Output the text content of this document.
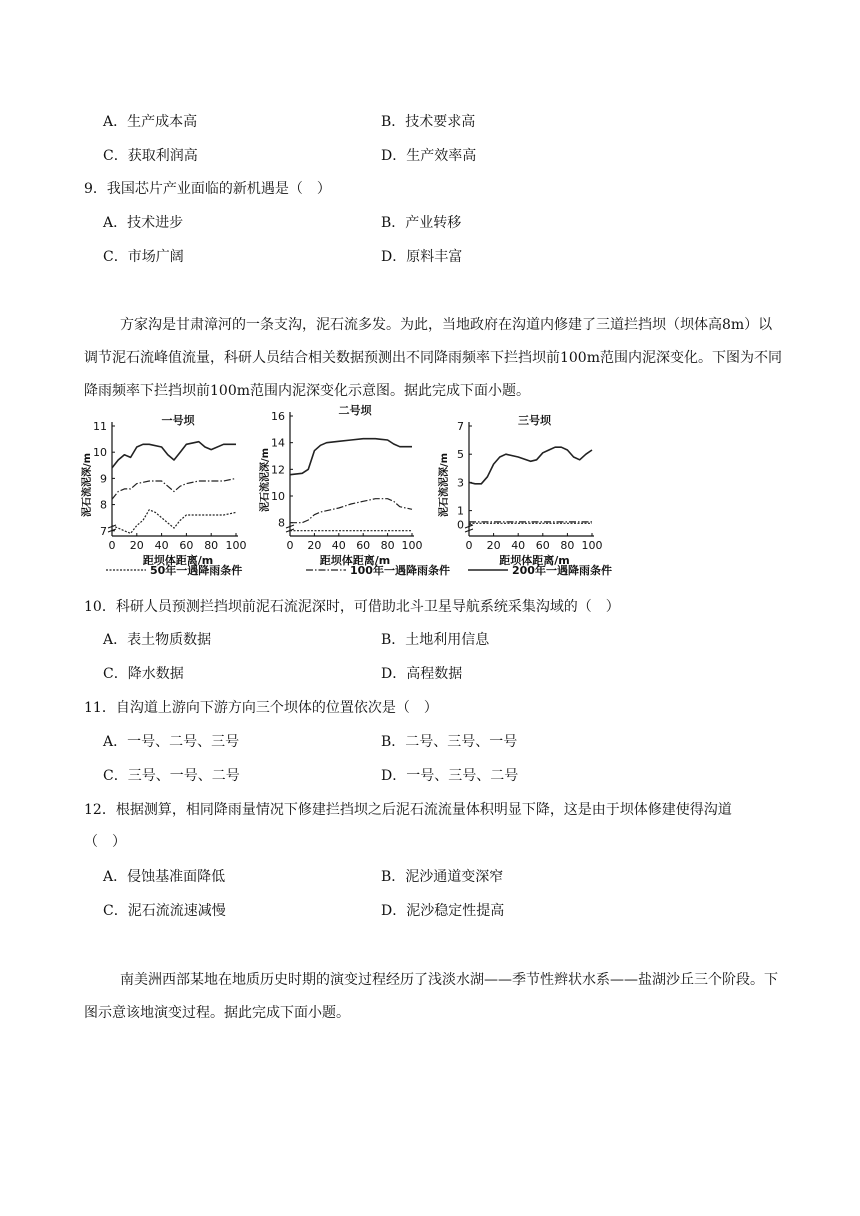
A．生产成本高	B．技术要求高
C．获取利润高	D．生产效率高
9．我国芯片产业面临的新机遇是（　）
A．技术进步	B．产业转移
C．市场广阔	D．原料丰富
方家沟是甘肃漳河的一条支沟，泥石流多发。为此，当地政府在沟道内修建了三道拦挡坝（坝体高8m）以调节泥石流峰值流量，科研人员结合相关数据预测出不同降雨频率下拦挡坝前100m范围内泥深变化。下图为不同降雨频率下拦挡坝前100m范围内泥深变化示意图。据此完成下面小题。
一号坝
7
8
9
10
11
0 20 40 60 80 100
距坝体距离/m
泥石流泥深/m
二号坝
8
10
12
14
16
0 20 40 60 80 100
距坝体距离/m
泥石流泥深/m
三号坝
0
1
3
5
7
0 20 40 60 80 100
距坝体距离/m
泥石流泥深/m
50年一遇降雨条件	100年一遇降雨条件	200年一遇降雨条件
10．科研人员预测拦挡坝前泥石流泥深时，可借助北斗卫星导航系统采集沟域的（　）
A．表土物质数据	B．土地利用信息
C．降水数据	D．高程数据
11．自沟道上游向下游方向三个坝体的位置依次是（　）
A．一号、二号、三号	B．二号、三号、一号
C．三号、一号、二号	D．一号、三号、二号
12．根据测算，相同降雨量情况下修建拦挡坝之后泥石流流量体积明显下降，这是由于坝体修建使得沟道
（　）
A．侵蚀基准面降低	B．泥沙通道变深窄
C．泥石流流速减慢	D．泥沙稳定性提高
南美洲西部某地在地质历史时期的演变过程经历了浅淡水湖——季节性辫状水系——盐湖沙丘三个阶段。下图示意该地演变过程。据此完成下面小题。
